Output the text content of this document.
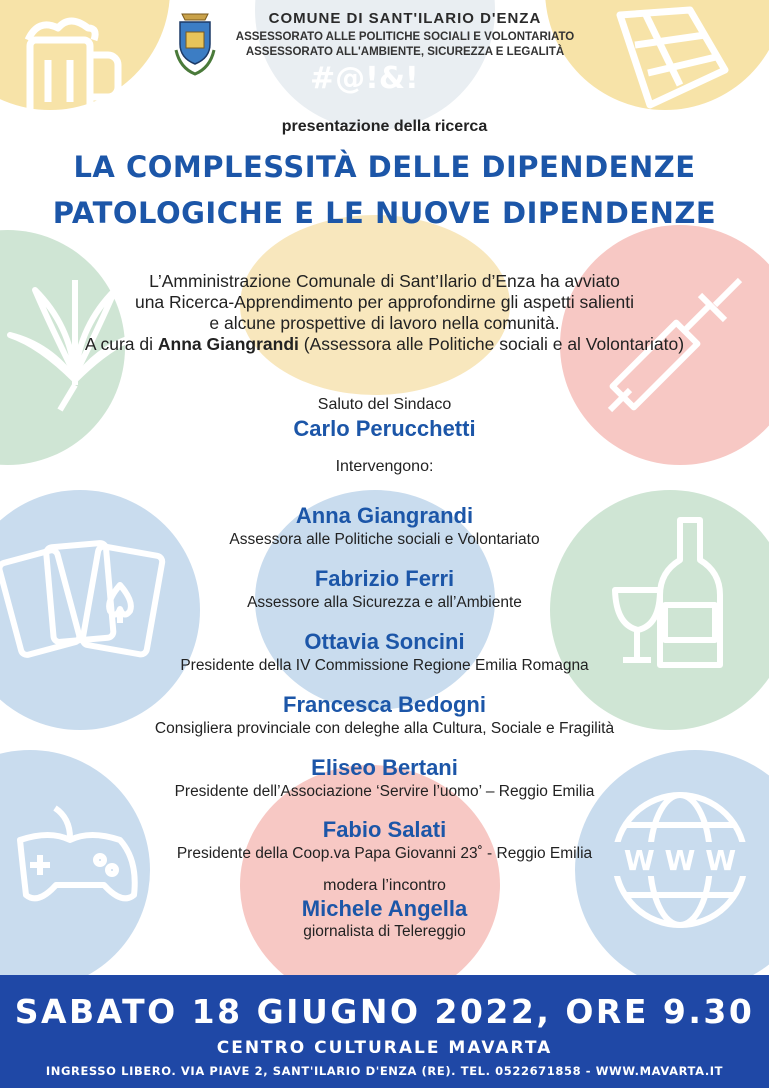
#@!&!
W W W
COMUNE DI SANT'ILARIO D'ENZA
ASSESSORATO ALLE POLITICHE SOCIALI E VOLONTARIATO
ASSESSORATO ALL'AMBIENTE, SICUREZZA E LEGALITÀ
presentazione della ricerca
LA COMPLESSITÀ DELLE DIPENDENZE
PATOLOGICHE E LE NUOVE DIPENDENZE
L’Amministrazione Comunale di Sant’Ilario d’Enza ha avviato
una Ricerca-Apprendimento per approfondirne gli aspetti salienti
e alcune prospettive di lavoro nella comunità.
A cura di Anna Giangrandi (Assessora alle Politiche sociali e al Volontariato)
Saluto del Sindaco
Carlo Perucchetti
Intervengono:
Anna Giangrandi
Assessora alle Politiche sociali e Volontariato
Fabrizio Ferri
Assessore alla Sicurezza e all’Ambiente
Ottavia Soncini
Presidente della IV Commissione Regione Emilia Romagna
Francesca Bedogni
Consigliera provinciale con deleghe alla Cultura, Sociale e Fragilità
Eliseo Bertani
Presidente dell’Associazione ‘Servire l’uomo’ – Reggio Emilia
Fabio Salati
Presidente della Coop.va Papa Giovanni 23˚ - Reggio Emilia
modera l’incontro
Michele Angella
giornalista di Telereggio
SABATO 18 GIUGNO 2022, ORE 9.30
CENTRO CULTURALE MAVARTA
INGRESSO LIBERO. VIA PIAVE 2, SANT'ILARIO D'ENZA (RE). TEL. 0522671858 - WWW.MAVARTA.IT
